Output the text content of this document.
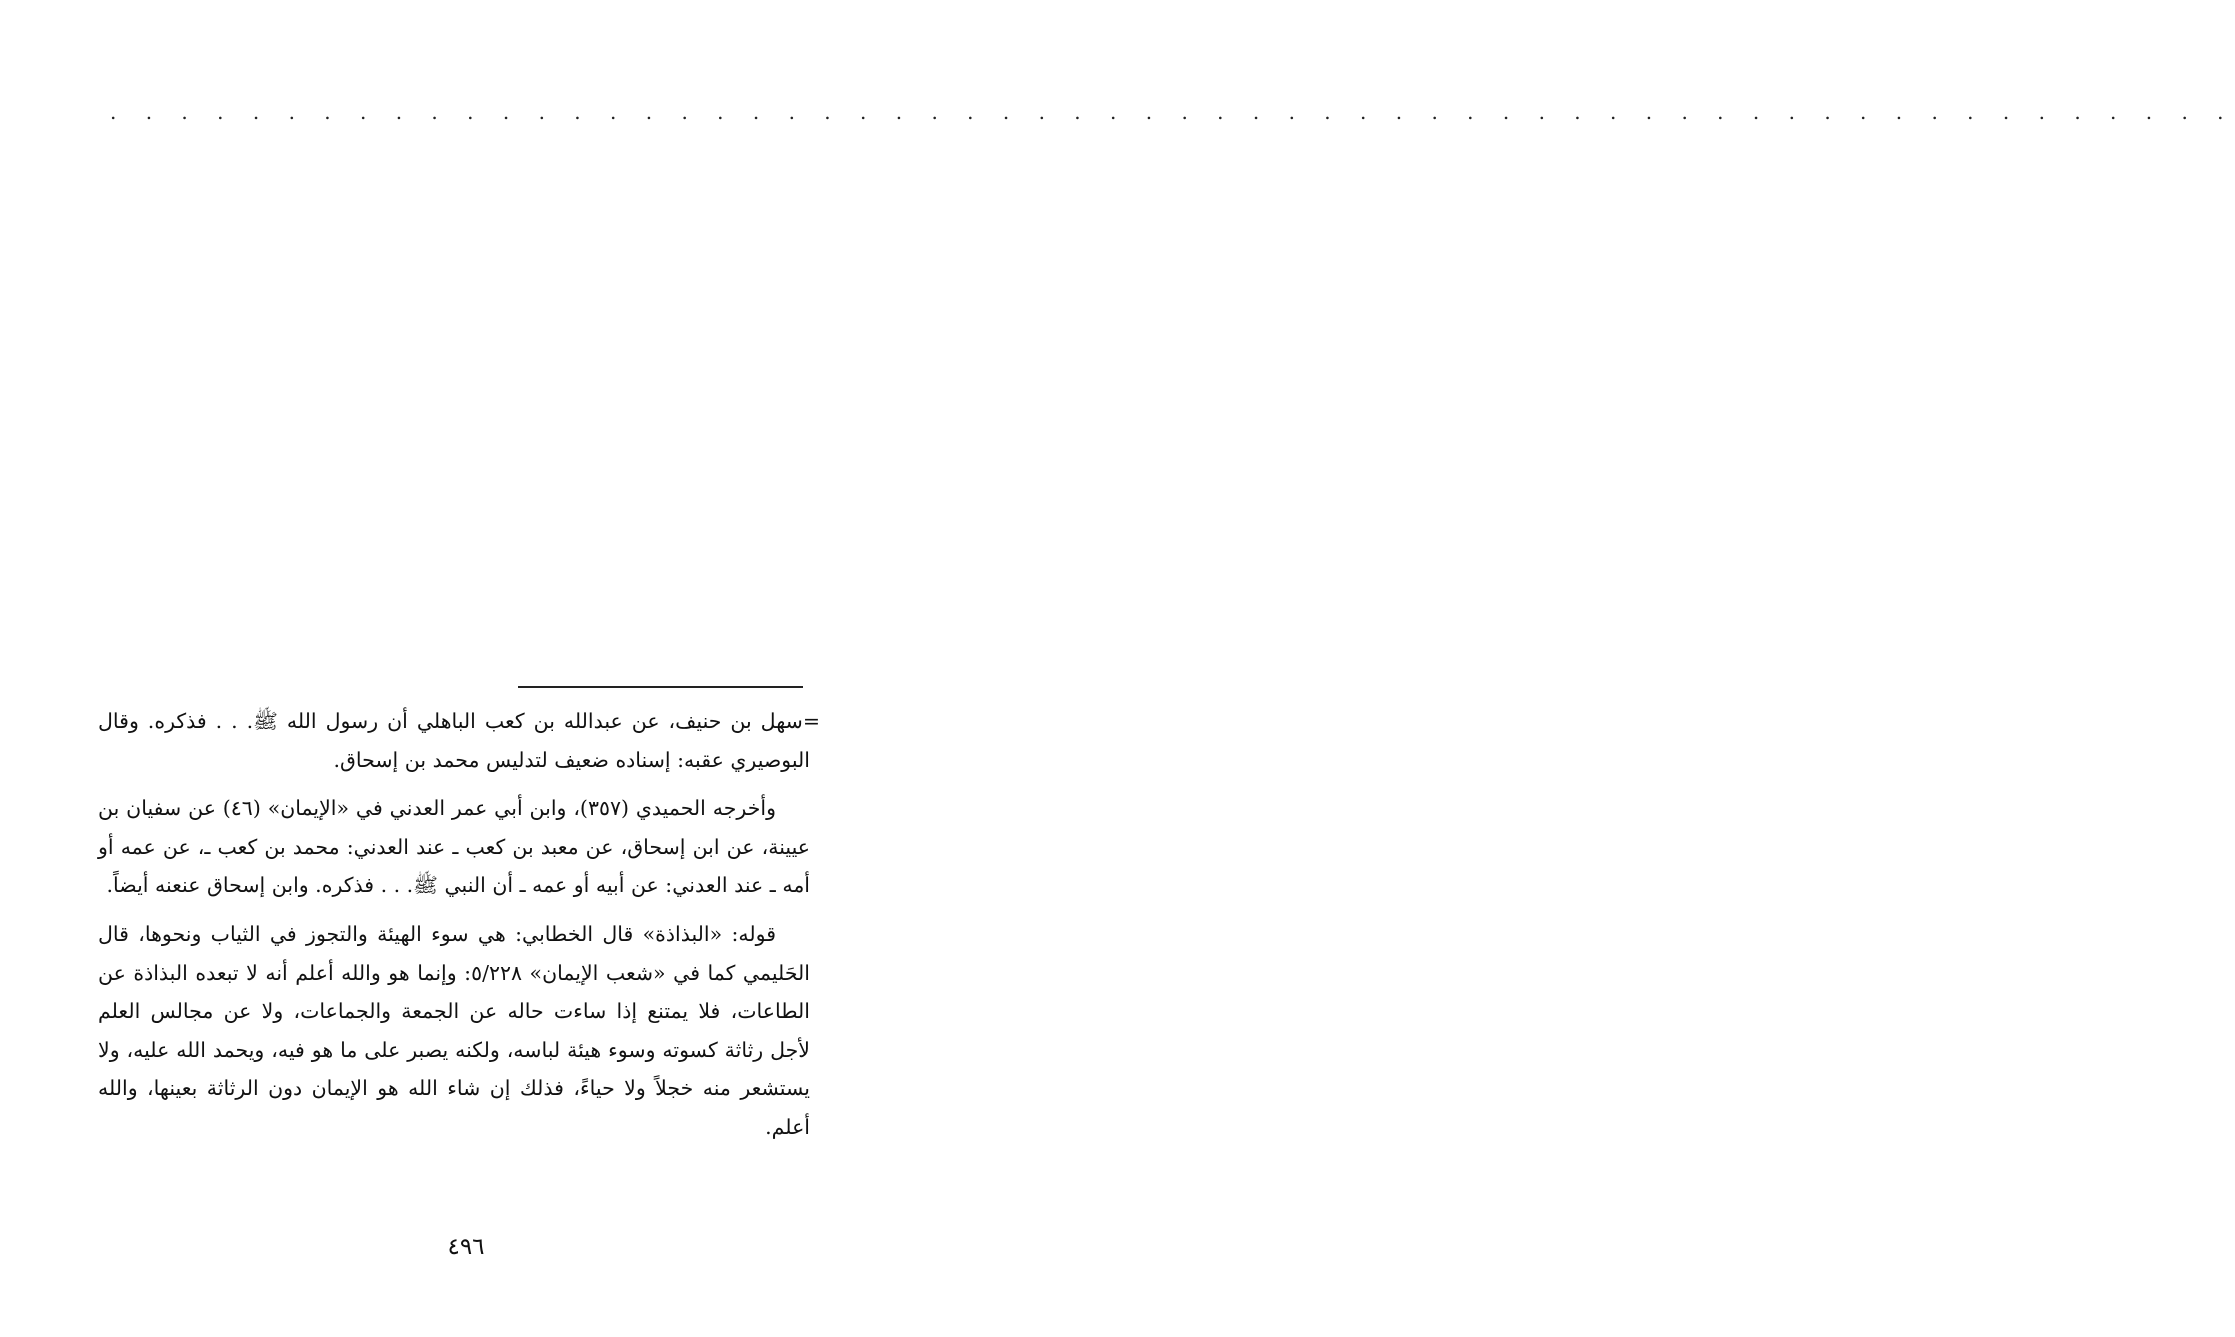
. . . . . . . . . . . . . . . . . . . . . . . . . . . . . . . . . . . . . . . . . . . . . . . . . . . . . . . . . . . .

=سهل بن حنيف، عن عبدالله بن كعب الباهلي أن رسول الله ﷺ. . . فذكره. وقال البوصيري عقبه: إسناده ضعيف لتدليس محمد بن إسحاق.

وأخرجه الحميدي (٣٥٧)، وابن أبي عمر العدني في «الإيمان» (٤٦) عن سفيان بن عيينة، عن ابن إسحاق، عن معبد بن كعب ـ عند العدني: محمد بن كعب ـ، عن عمه أو أمه ـ عند العدني: عن أبيه أو عمه ـ أن النبي ﷺ. . . فذكره. وابن إسحاق عنعنه أيضاً.

قوله: «البذاذة» قال الخطابي: هي سوء الهيئة والتجوز في الثياب ونحوها، قال الحَليمي كما في «شعب الإيمان» ٥/٢٢٨: وإنما هو والله أعلم أنه لا تبعده البذاذة عن الطاعات، فلا يمتنع إذا ساءت حاله عن الجمعة والجماعات، ولا عن مجالس العلم لأجل رثاثة كسوته وسوء هيئة لباسه، ولكنه يصبر على ما هو فيه، ويحمد الله عليه، ولا يستشعر منه خجلاً ولا حياءً، فذلك إن شاء الله هو الإيمان دون الرثاثة بعينها، والله أعلم.

٤٩٦
